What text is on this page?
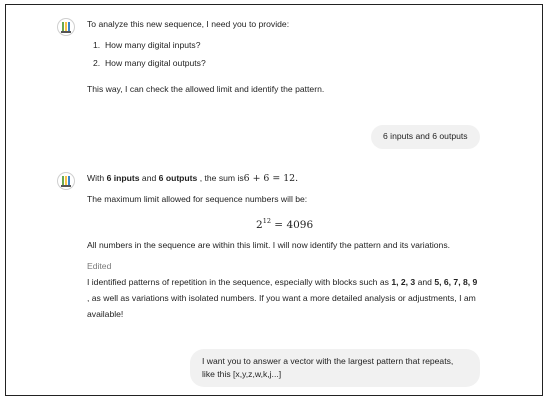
To analyze this new sequence, I need you to provide:
1. How many digital inputs?
2. How many digital outputs?
This way, I can check the allowed limit and identify the pattern.
6 inputs and 6 outputs
With 6 inputs and 6 outputs , the sum is6 + 6 = 12.
The maximum limit allowed for sequence numbers will be:
$2^{12} = 4096$
All numbers in the sequence are within this limit. I will now identify the pattern and its variations.
Edited
I identified patterns of repetition in the sequence, especially with blocks such as 1, 2, 3 and 5, 6, 7, 8, 9 , as well as variations with isolated numbers. If you want a more detailed analysis or adjustments, I am available!
I want you to answer a vector with the largest pattern that repeats, like this [x,y,z,w,k,j...]
